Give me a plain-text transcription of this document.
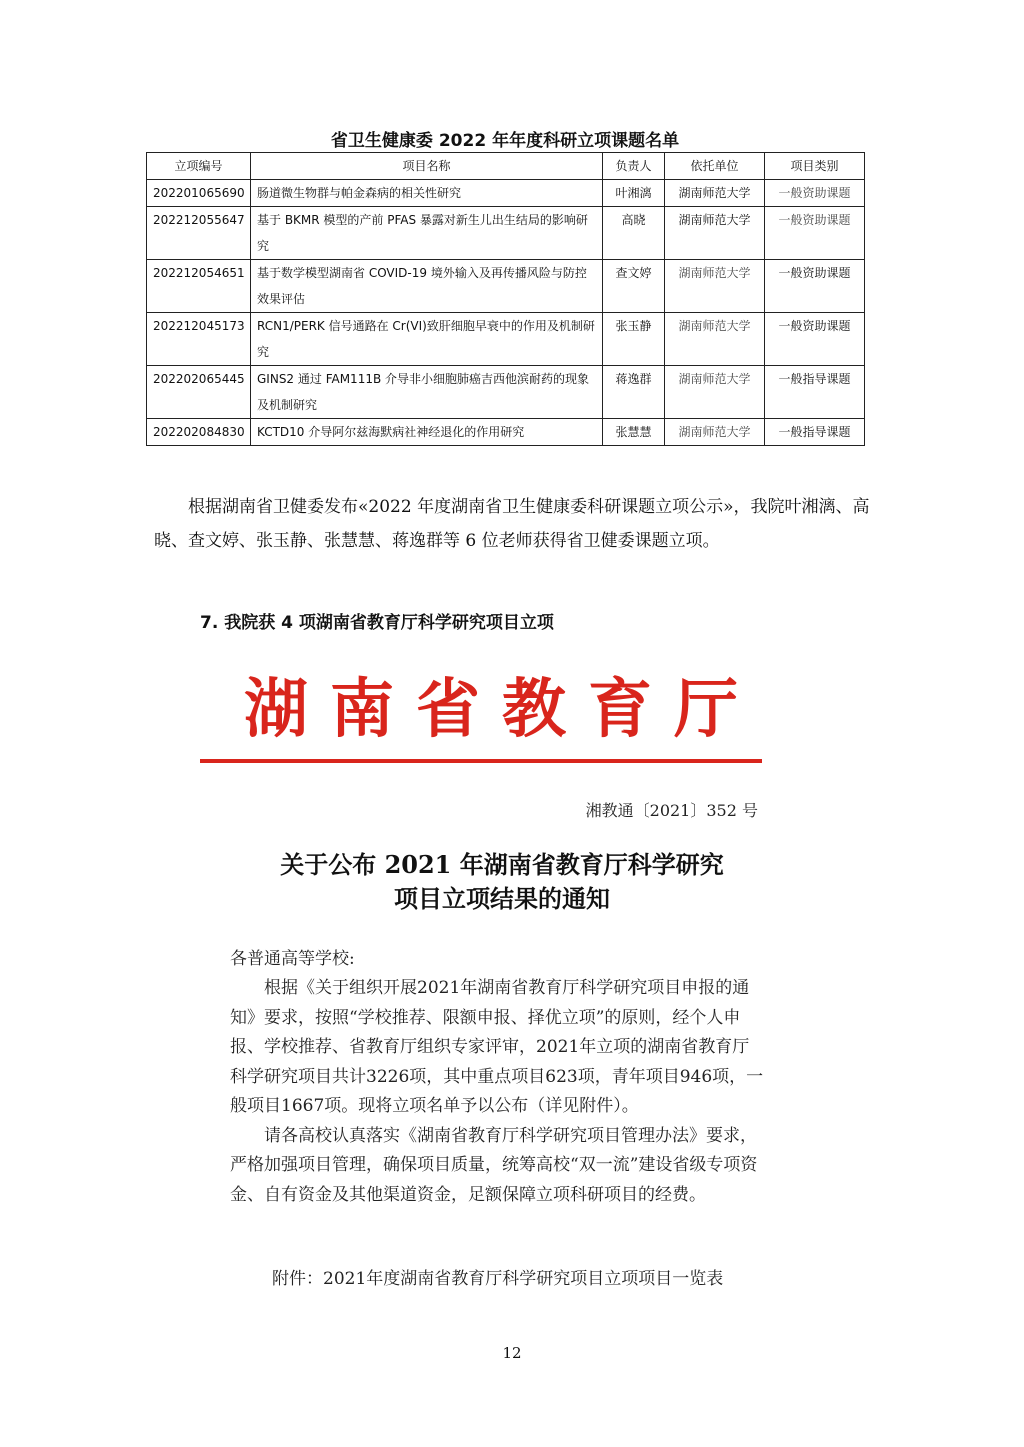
省卫生健康委 2022 年年度科研立项课题名单
立项编号	项目名称	负责人	依托单位	项目类别
202201065690	肠道微生物群与帕金森病的相关性研究	叶湘漓	湖南师范大学	一般资助课题
202212055647	基于 BKMR 模型的产前 PFAS 暴露对新生儿出生结局的影响研究	高晓	湖南师范大学	一般资助课题
202212054651	基于数学模型湖南省 COVID-19 境外输入及再传播风险与防控效果评估	查文婷	湖南师范大学	一般资助课题
202212045173	RCN1/PERK 信号通路在 Cr(VI)致肝细胞早衰中的作用及机制研究	张玉静	湖南师范大学	一般资助课题
202202065445	GINS2 通过 FAM111B 介导非小细胞肺癌吉西他滨耐药的现象及机制研究	蒋逸群	湖南师范大学	一般指导课题
202202084830	KCTD10 介导阿尔兹海默病社神经退化的作用研究	张慧慧	湖南师范大学	一般指导课题
根据湖南省卫健委发布«2022 年度湖南省卫生健康委科研课题立项公示»，我院叶湘漓、高晓、查文婷、张玉静、张慧慧、蒋逸群等 6 位老师获得省卫健委课题立项。
7. 我院获 4 项湖南省教育厅科学研究项目立项
湖南省教育厅
湘教通〔2021〕352 号
关于公布 2021 年湖南省教育厅科学研究
项目立项结果的通知
各普通高等学校:
根据《关于组织开展2021年湖南省教育厅科学研究项目申报的通知》要求，按照“学校推荐、限额申报、择优立项”的原则，经个人申报、学校推荐、省教育厅组织专家评审，2021年立项的湖南省教育厅科学研究项目共计3226项，其中重点项目623项，青年项目946项，一般项目1667项。现将立项名单予以公布（详见附件）。
请各高校认真落实《湖南省教育厅科学研究项目管理办法》要求，严格加强项目管理，确保项目质量，统筹高校“双一流”建设省级专项资金、自有资金及其他渠道资金，足额保障立项科研项目的经费。
附件：2021年度湖南省教育厅科学研究项目立项项目一览表
12
